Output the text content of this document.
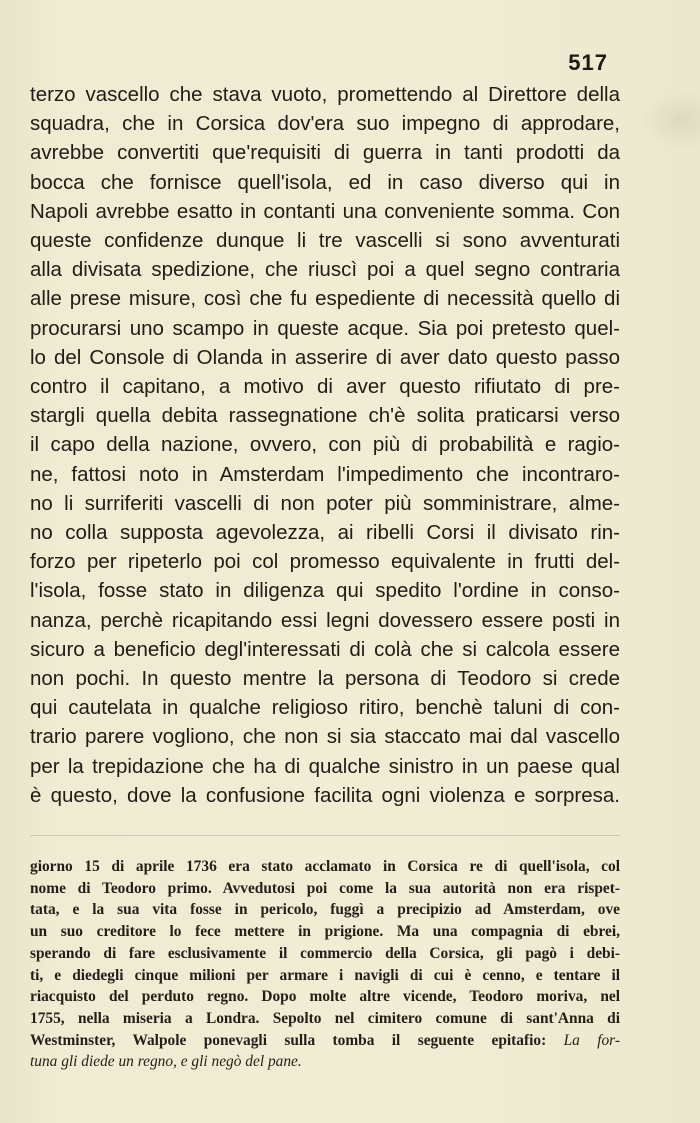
517
terzo vascello che stava vuoto, promettendo al Direttore della
squadra, che in Corsica dov'era suo impegno di approdare,
avrebbe convertiti que'requisiti di guerra in tanti prodotti da
bocca che fornisce quell'isola, ed in caso diverso qui in
Napoli avrebbe esatto in contanti una conveniente somma. Con
queste confidenze dunque li tre vascelli si sono avventurati
alla divisata spedizione, che riuscì poi a quel segno contraria
alle prese misure, così che fu espediente di necessità quello di
procurarsi uno scampo in queste acque. Sia poi pretesto quel-
lo del Console di Olanda in asserire di aver dato questo passo
contro il capitano, a motivo di aver questo rifiutato di pre-
stargli quella debita rassegnatione ch'è solita praticarsi verso
il capo della nazione, ovvero, con più di probabilità e ragio-
ne, fattosi noto in Amsterdam l'impedimento che incontraro-
no li surriferiti vascelli di non poter più somministrare, alme-
no colla supposta agevolezza, ai ribelli Corsi il divisato rin-
forzo per ripeterlo poi col promesso equivalente in frutti del-
l'isola, fosse stato in diligenza qui spedito l'ordine in conso-
nanza, perchè ricapitando essi legni dovessero essere posti in
sicuro a beneficio degl'interessati di colà che si calcola essere
non pochi. In questo mentre la persona di Teodoro si crede
qui cautelata in qualche religioso ritiro, benchè taluni di con-
trario parere vogliono, che non si sia staccato mai dal vascello
per la trepidazione che ha di qualche sinistro in un paese qual
è questo, dove la confusione facilita ogni violenza e sorpresa.
giorno 15 di aprile 1736 era stato acclamato in Corsica re di quell'isola, col
nome di Teodoro primo. Avvedutosi poi come la sua autorità non era rispet-
tata, e la sua vita fosse in pericolo, fuggì a precipizio ad Amsterdam, ove
un suo creditore lo fece mettere in prigione. Ma una compagnia di ebrei,
sperando di fare esclusivamente il commercio della Corsica, gli pagò i debi-
ti, e diedegli cinque milioni per armare i navigli di cui è cenno, e tentare il
riacquisto del perduto regno. Dopo molte altre vicende, Teodoro moriva, nel
1755, nella miseria a Londra. Sepolto nel cimitero comune di sant'Anna di
Westminster, Walpole ponevagli sulla tomba il seguente epitafio: La for-
tuna gli diede un regno, e gli negò del pane.
